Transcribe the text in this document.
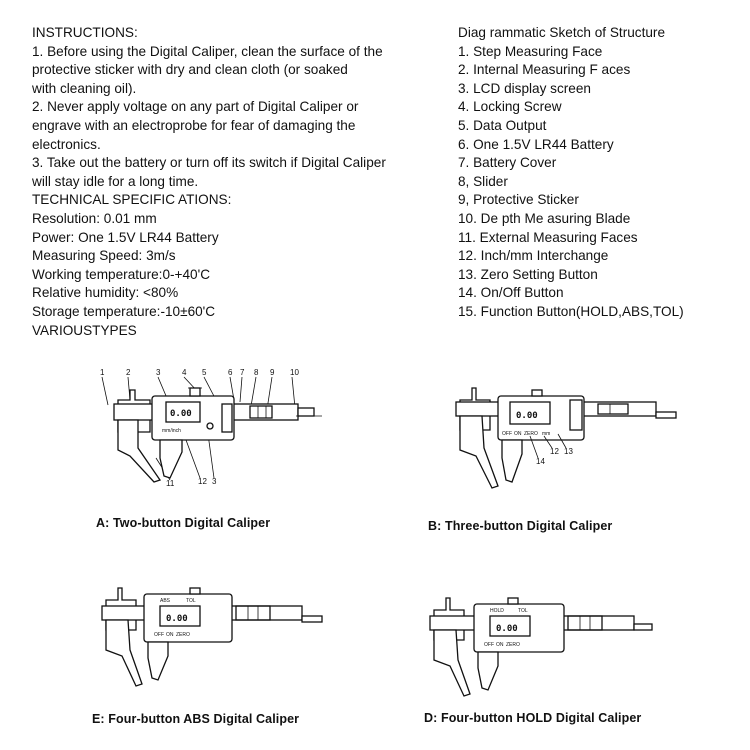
INSTRUCTIONS:
1. Before using the Digital Caliper, clean the surface of the
protective sticker with dry and clean cloth (or soaked
with cleaning oil).
2. Never apply voltage on any part of Digital Caliper or
engrave with an electroprobe for fear of damaging the
electronics.
3. Take out the battery or turn off its switch if Digital Caliper
will stay idle for a long time.
TECHNICAL SPECIFIC ATIONS:
Resolution: 0.01 mm
Power: One 1.5V LR44 Battery
Measuring Speed: 3m/s
Working temperature:0-+40'C
Relative humidity: <80%
Storage temperature:-10±60'C
VARIOUSTYPES
Diag rammatic Sketch of Structure
1. Step Measuring Face
2. Internal Measuring F aces
3. LCD display screen
4. Locking Screw
5. Data Output
6. One 1.5V LR44 Battery
7. Battery Cover
8, Slider
9, Protective Sticker
10. De pth Me asuring Blade
11. External Measuring Faces
12. Inch/mm Interchange
13. Zero Setting Button
14. On/Off Button
15. Function Button(HOLD,ABS,TOL)
1	2	3	4 5	6 7 8 9 10
11	12 3
0.00
mm/inch
0.00
OFF ON ZERO mm
12 13
14
0.00
OFF ON ZERO
ABS	TOL
0.00
OFF ON ZERO
HOLD	TOL
A: Two-button Digital Caliper	B: Three-button Digital Caliper
E: Four-button ABS Digital Caliper	D: Four-button HOLD Digital Caliper
